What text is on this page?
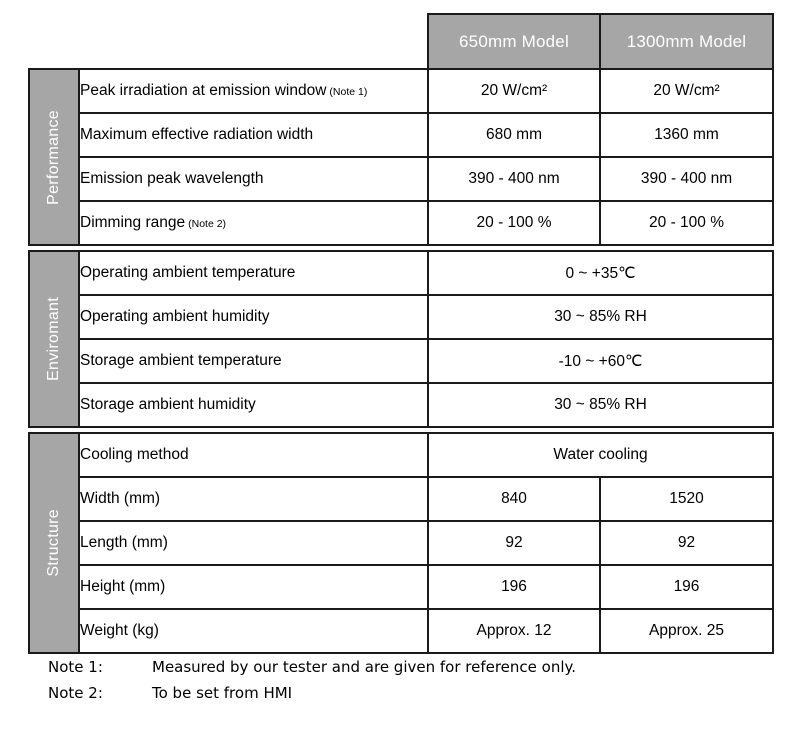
		650mm Model	1300mm Model

Performance	Peak irradiation at emission window (Note 1)	20 W/cm²	20 W/cm²
	Maximum effective radiation width	680 mm	1360 mm
	Emission peak wavelength	390 - 400 nm	390 - 400 nm
	Dimming range (Note 2)	20 - 100 %	20 - 100 %

Enviromant	Operating ambient temperature	0 ~ +35℃	
	Operating ambient humidity	30 ~ 85% RH	
	Storage ambient temperature	-10 ~ +60℃	
	Storage ambient humidity	30 ~ 85% RH	

Structure	Cooling method	Water cooling	
	Width (mm)	840	1520
	Length (mm)	92	92
	Height (mm)	196	196
	Weight (kg)	Approx. 12	Approx. 25
Note 1:	Measured by our tester and are given for reference only.
Note 2:	To be set from HMI
